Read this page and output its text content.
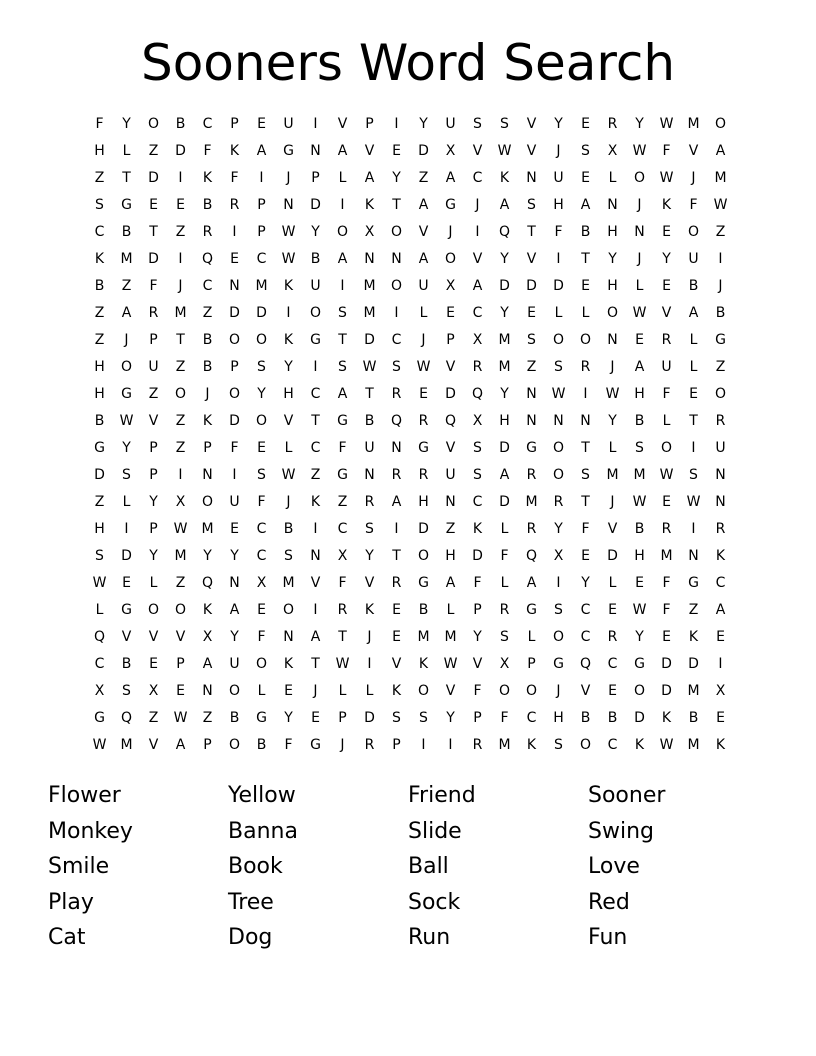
Sooners Word Search
F	Y	O	B	C	P	E	U	I	V	P	I	Y	U	S	S	V	Y	E	R	Y	W	M	O
H	L	Z	D	F	K	A	G	N	A	V	E	D	X	V	W	V	J	S	X	W	F	V	A
Z	T	D	I	K	F	I	J	P	L	A	Y	Z	A	C	K	N	U	E	L	O	W	J	M
S	G	E	E	B	R	P	N	D	I	K	T	A	G	J	A	S	H	A	N	J	K	F	W
C	B	T	Z	R	I	P	W	Y	O	X	O	V	J	I	Q	T	F	B	H	N	E	O	Z
K	M	D	I	Q	E	C	W	B	A	N	N	A	O	V	Y	V	I	T	Y	J	Y	U	I
B	Z	F	J	C	N	M	K	U	I	M	O	U	X	A	D	D	D	E	H	L	E	B	J
Z	A	R	M	Z	D	D	I	O	S	M	I	L	E	C	Y	E	L	L	O	W	V	A	B
Z	J	P	T	B	O	O	K	G	T	D	C	J	P	X	M	S	O	O	N	E	R	L	G
H	O	U	Z	B	P	S	Y	I	S	W	S	W	V	R	M	Z	S	R	J	A	U	L	Z
H	G	Z	O	J	O	Y	H	C	A	T	R	E	D	Q	Y	N	W	I	W	H	F	E	O
B	W	V	Z	K	D	O	V	T	G	B	Q	R	Q	X	H	N	N	N	Y	B	L	T	R
G	Y	P	Z	P	F	E	L	C	F	U	N	G	V	S	D	G	O	T	L	S	O	I	U
D	S	P	I	N	I	S	W	Z	G	N	R	R	U	S	A	R	O	S	M	M	W	S	N
Z	L	Y	X	O	U	F	J	K	Z	R	A	H	N	C	D	M	R	T	J	W	E	W	N
H	I	P	W	M	E	C	B	I	C	S	I	D	Z	K	L	R	Y	F	V	B	R	I	R
S	D	Y	M	Y	Y	C	S	N	X	Y	T	O	H	D	F	Q	X	E	D	H	M	N	K
W	E	L	Z	Q	N	X	M	V	F	V	R	G	A	F	L	A	I	Y	L	E	F	G	C
L	G	O	O	K	A	E	O	I	R	K	E	B	L	P	R	G	S	C	E	W	F	Z	A
Q	V	V	V	X	Y	F	N	A	T	J	E	M	M	Y	S	L	O	C	R	Y	E	K	E
C	B	E	P	A	U	O	K	T	W	I	V	K	W	V	X	P	G	Q	C	G	D	D	I
X	S	X	E	N	O	L	E	J	L	L	K	O	V	F	O	O	J	V	E	O	D	M	X
G	Q	Z	W	Z	B	G	Y	E	P	D	S	S	Y	P	F	C	H	B	B	D	K	B	E
W	M	V	A	P	O	B	F	G	J	R	P	I	I	R	M	K	S	O	C	K	W	M	K
Flower	Yellow	Friend	Sooner
Monkey	Banna	Slide	Swing
Smile	Book	Ball	Love
Play	Tree	Sock	Red
Cat	Dog	Run	Fun
